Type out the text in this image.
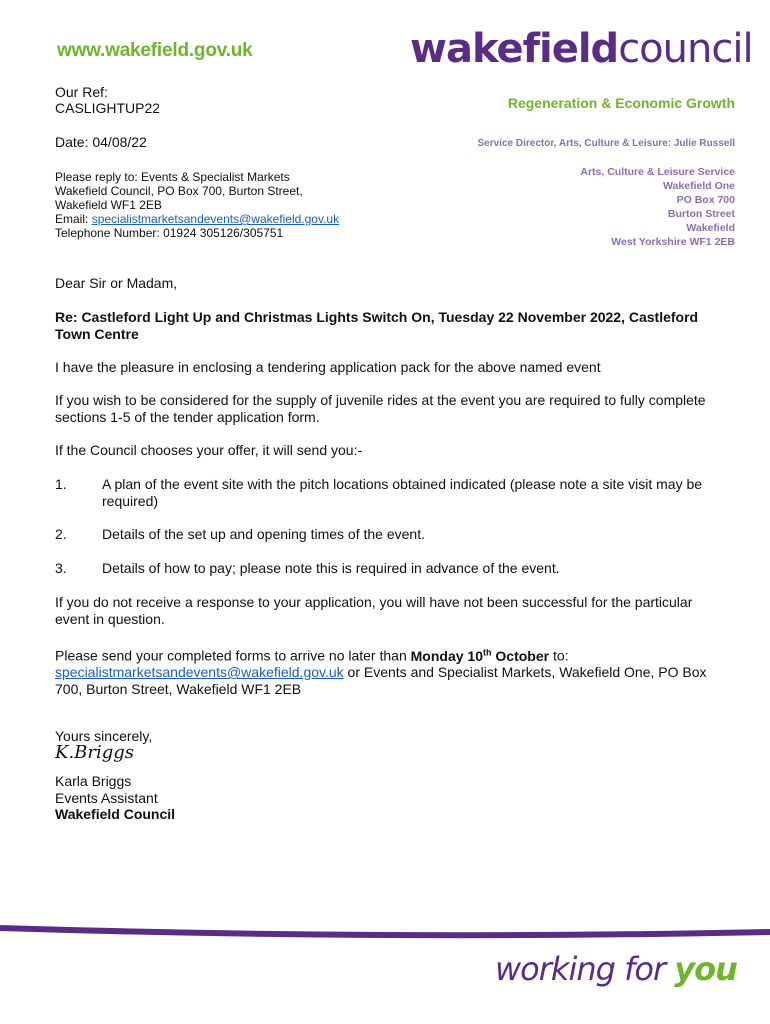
www.wakefield.gov.uk	wakefieldcouncil
Regeneration & Economic Growth
Our Ref:
CASLIGHTUP22
Date: 04/08/22	Service Director, Arts, Culture & Leisure: Julie Russell
Please reply to: Events & Specialist Markets
Wakefield Council, PO Box 700, Burton Street,
Wakefield WF1 2EB
Email: specialistmarketsandevents@wakefield.gov.uk
Telephone Number: 01924 305126/305751
Arts, Culture & Leisure Service
Wakefield One
PO Box 700
Burton Street
Wakefield
West Yorkshire WF1 2EB
Dear Sir or Madam,
Re: Castleford Light Up and Christmas Lights Switch On, Tuesday 22 November 2022, Castleford Town Centre
I have the pleasure in enclosing a tendering application pack for the above named event
If you wish to be considered for the supply of juvenile rides at the event you are required to fully complete sections 1-5 of the tender application form.
If the Council chooses your offer, it will send you:-
1.	A plan of the event site with the pitch locations obtained indicated (please note a site visit may be required)
2.	Details of the set up and opening times of the event.
3.	Details of how to pay; please note this is required in advance of the event.
If you do not receive a response to your application, you will have not been successful for the particular event in question.
Please send your completed forms to arrive no later than Monday 10th October to: specialistmarketsandevents@wakefield.gov.uk or Events and Specialist Markets, Wakefield One, PO Box 700, Burton Street, Wakefield WF1 2EB
Yours sincerely,
K.Briggs
Karla Briggs
Events Assistant
Wakefield Council
working for you
